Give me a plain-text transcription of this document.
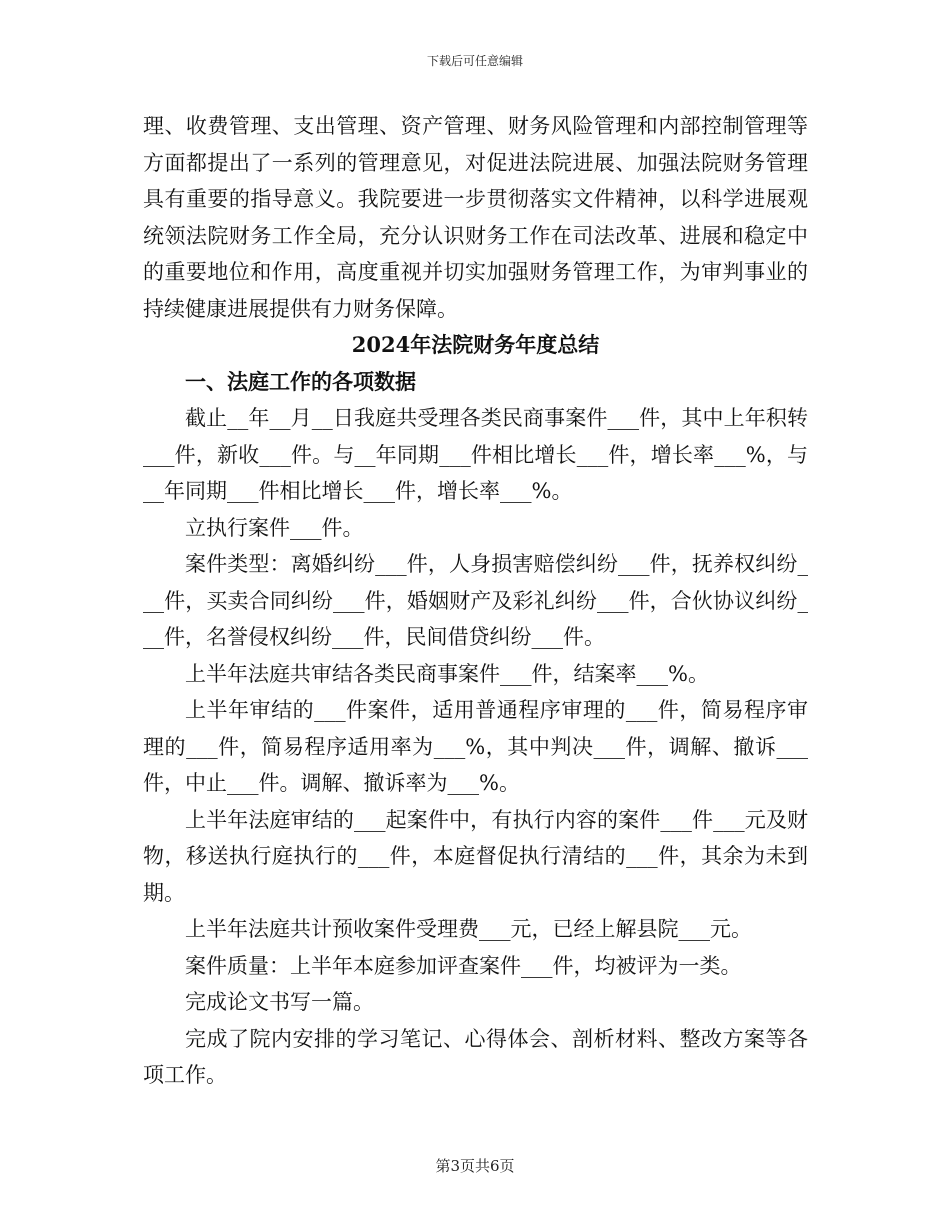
下载后可任意编辑

理、收费管理、支出管理、资产管理、财务风险管理和内部控制管理等方面都提出了一系列的管理意见，对促进法院进展、加强法院财务管理具有重要的指导意义。我院要进一步贯彻落实文件精神，以科学进展观统领法院财务工作全局，充分认识财务工作在司法改革、进展和稳定中的重要地位和作用，高度重视并切实加强财务管理工作，为审判事业的持续健康进展提供有力财务保障。

2024年法院财务年度总结

一、法庭工作的各项数据

截止__年__月__日我庭共受理各类民商事案件___件，其中上年积转___件，新收___件。与__年同期___件相比增长___件，增长率___%，与__年同期___件相比增长___件，增长率___%。

立执行案件___件。

案件类型：离婚纠纷___件，人身损害赔偿纠纷___件，抚养权纠纷___件，买卖合同纠纷___件，婚姻财产及彩礼纠纷___件，合伙协议纠纷___件，名誉侵权纠纷___件，民间借贷纠纷___件。

上半年法庭共审结各类民商事案件___件，结案率___%。

上半年审结的___件案件，适用普通程序审理的___件，简易程序审理的___件，简易程序适用率为___%，其中判决___件，调解、撤诉___件，中止___件。调解、撤诉率为___%。

上半年法庭审结的___起案件中，有执行内容的案件___件___元及财物，移送执行庭执行的___件，本庭督促执行清结的___件，其余为未到期。

上半年法庭共计预收案件受理费___元，已经上解县院___元。

案件质量：上半年本庭参加评查案件___件，均被评为一类。

完成论文书写一篇。

完成了院内安排的学习笔记、心得体会、剖析材料、整改方案等各项工作。

第3页共6页
